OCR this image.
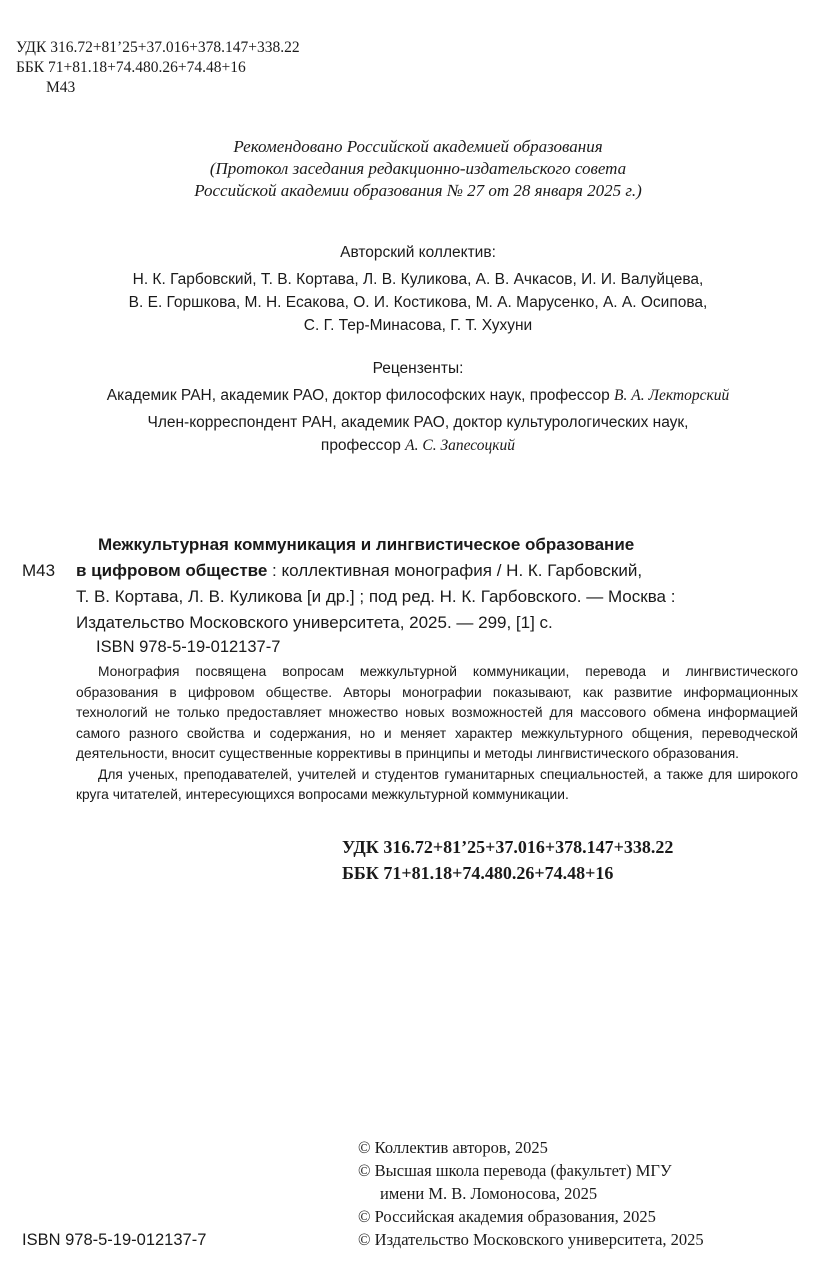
УДК 316.72+81’25+37.016+378.147+338.22
ББК 71+81.18+74.480.26+74.48+16
М43
Рекомендовано Российской академией образования
(Протокол заседания редакционно-издательского совета
Российской академии образования № 27 от 28 января 2025 г.)
Авторский коллектив:
Н. К. Гарбовский, Т. В. Кортава, Л. В. Куликова, А. В. Ачкасов, И. И. Валуйцева,
В. Е. Горшкова, М. Н. Есакова, О. И. Костикова, М. А. Марусенко, А. А. Осипова,
С. Г. Тер-Минасова, Г. Т. Хухуни
Рецензенты:
Академик РАН, академик РАО, доктор философских наук, профессор В. А. Лекторский
Член-корреспондент РАН, академик РАО, доктор культурологических наук,
профессор А. С. Запесоцкий
М43
Межкультурная коммуникация и лингвистическое образование
в цифровом обществе : коллективная монография / Н. К. Гарбовский,
Т. В. Кортава, Л. В. Куликова [и др.] ; под ред. Н. К. Гарбовского. — Москва :
Издательство Московского университета, 2025. — 299, [1] с.
ISBN 978-5-19-012137-7

Монография посвящена вопросам межкультурной коммуникации, перевода и лингвистического образования в цифровом обществе. Авторы монографии показывают, как развитие информационных технологий не только предоставляет множество новых возможностей для массового обмена информацией самого разного свойства и содержания, но и меняет характер межкультурного общения, переводческой деятельности, вносит существенные коррективы в принципы и методы лингвистического образования.

Для ученых, преподавателей, учителей и студентов гуманитарных специальностей, а также для широкого круга читателей, интересующихся вопросами межкультурной коммуникации.

УДК 316.72+81’25+37.016+378.147+338.22
ББК 71+81.18+74.480.26+74.48+16
© Коллектив авторов, 2025
© Высшая школа перевода (факультет) МГУ
имени М. В. Ломоносова, 2025
© Российская академия образования, 2025
© Издательство Московского университета, 2025
ISBN 978-5-19-012137-7
